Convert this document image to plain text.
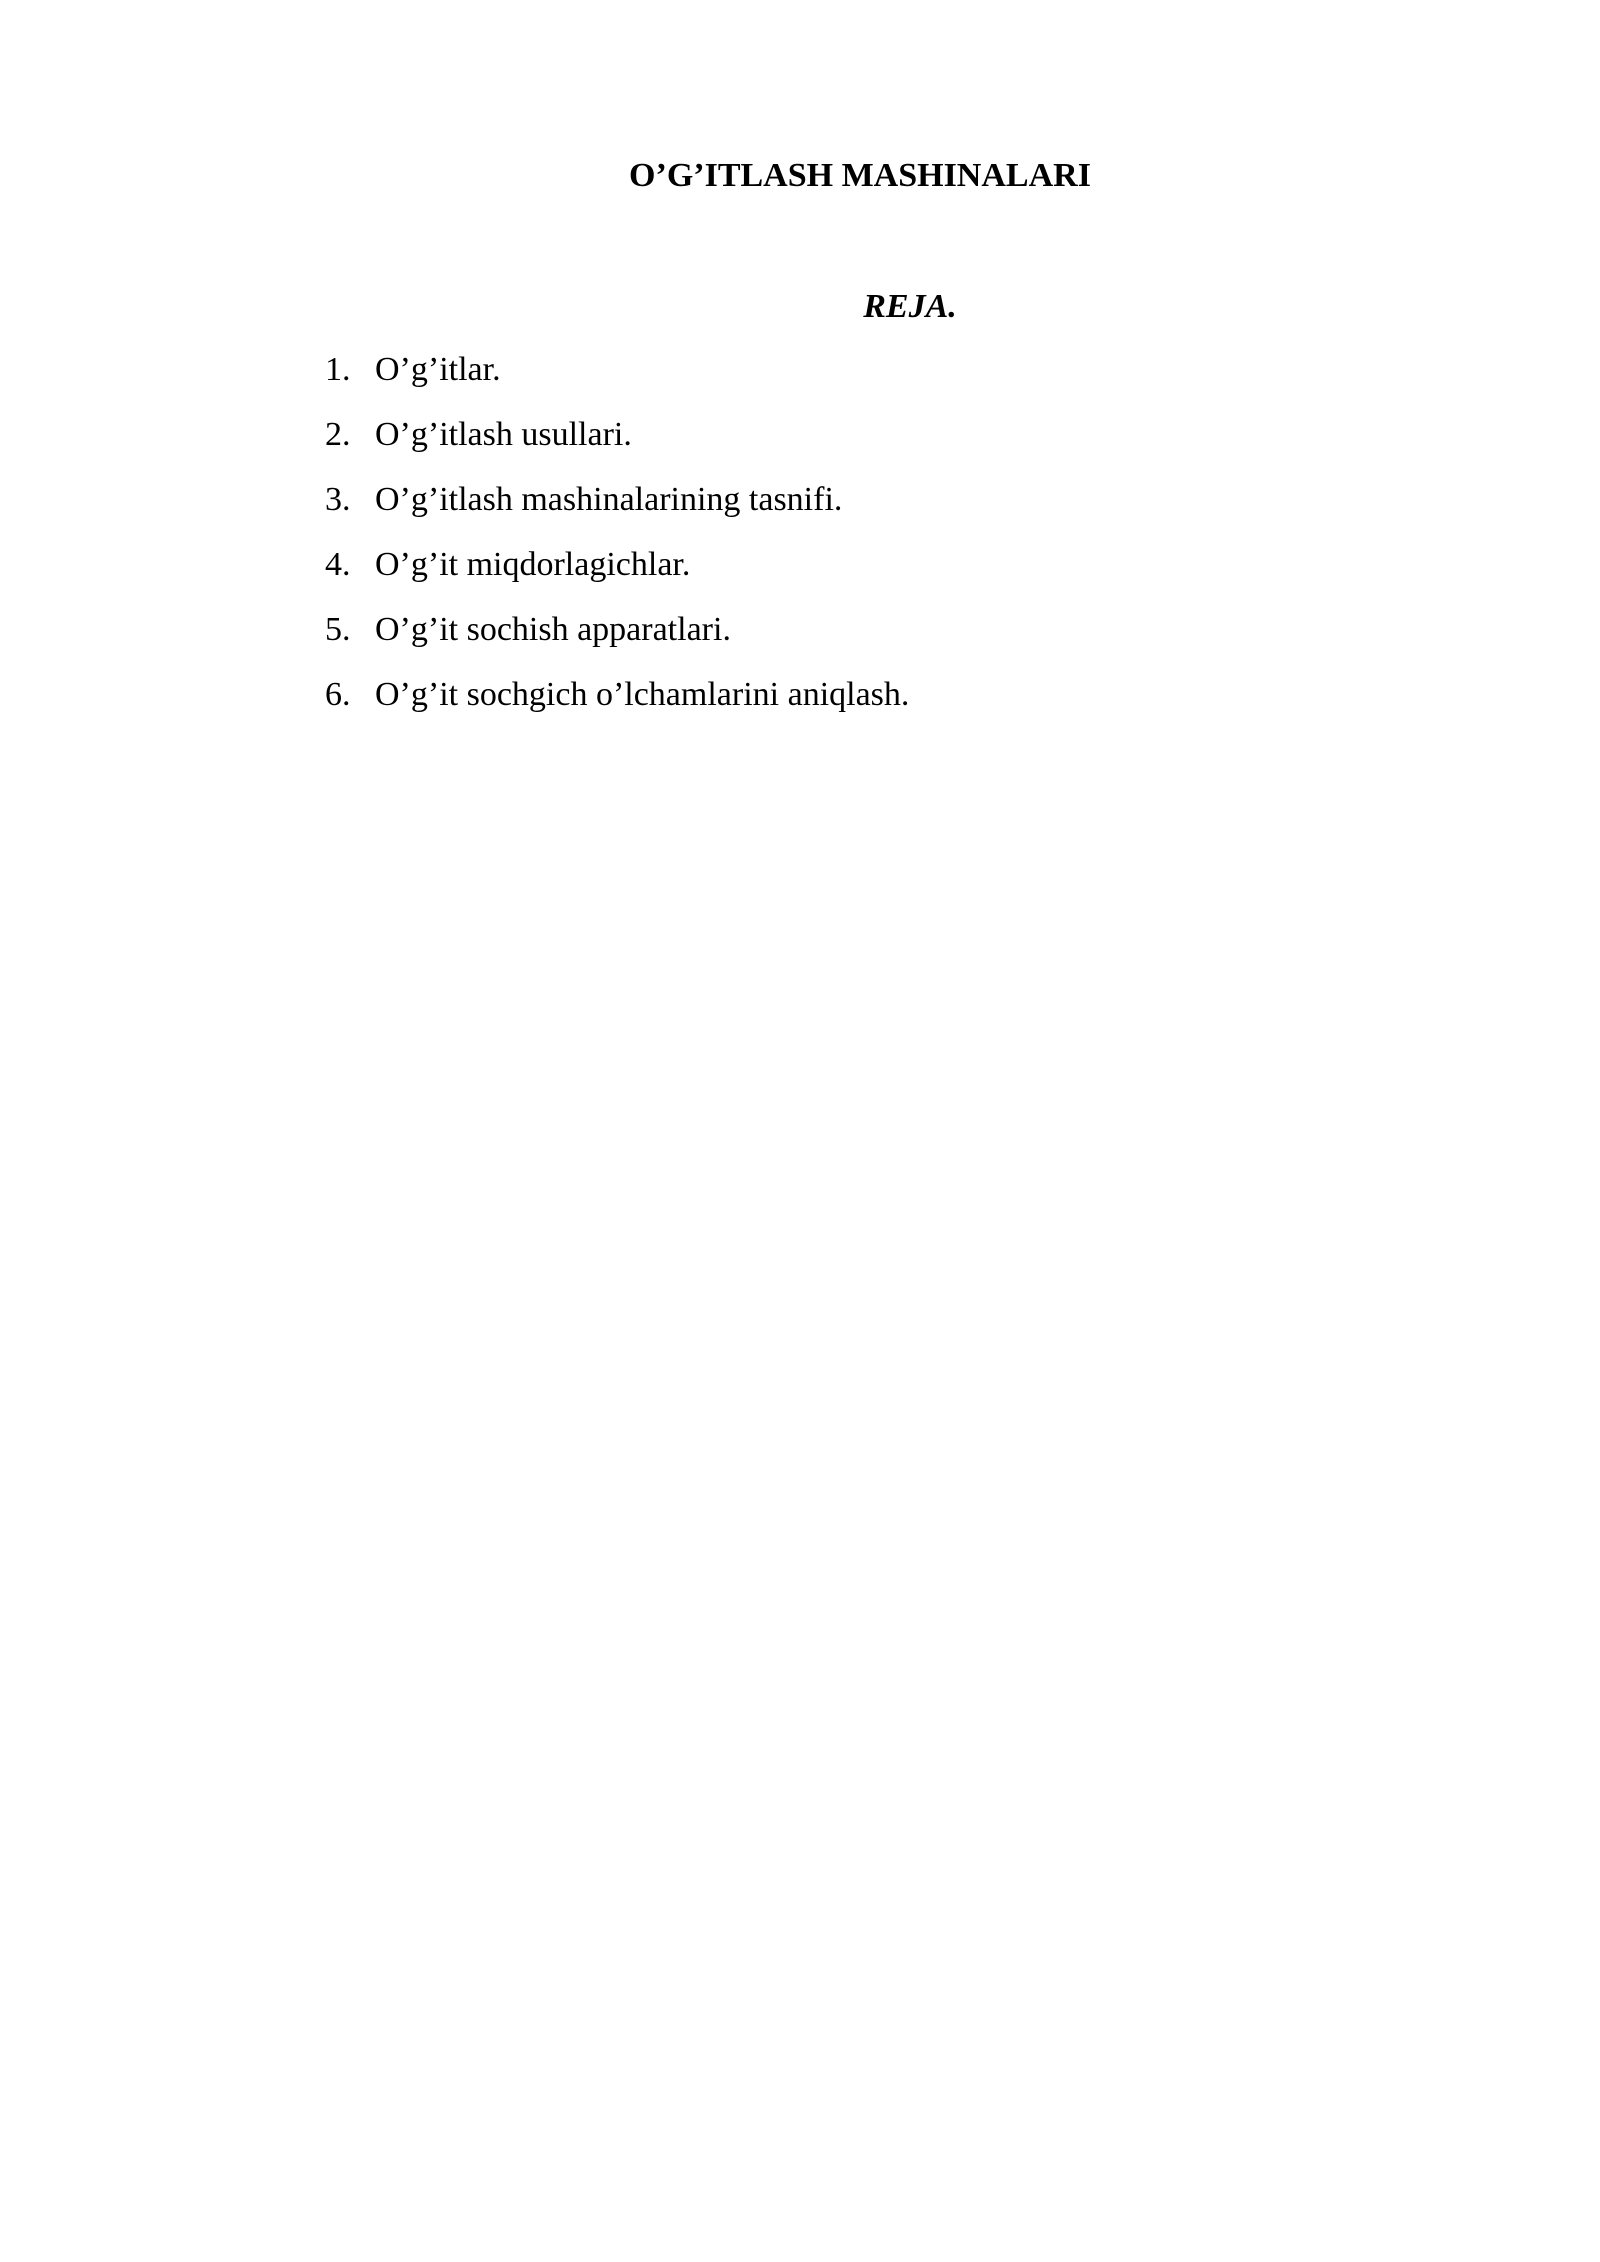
O’G’ITLASH MASHINALARI
REJA.
1. O’g’itlar.
2. O’g’itlash usullari.
3. O’g’itlash mashinalarining tasnifi.
4. O’g’it miqdorlagichlar.
5. O’g’it sochish apparatlari.
6. O’g’it sochgich o’lchamlarini aniqlash.
